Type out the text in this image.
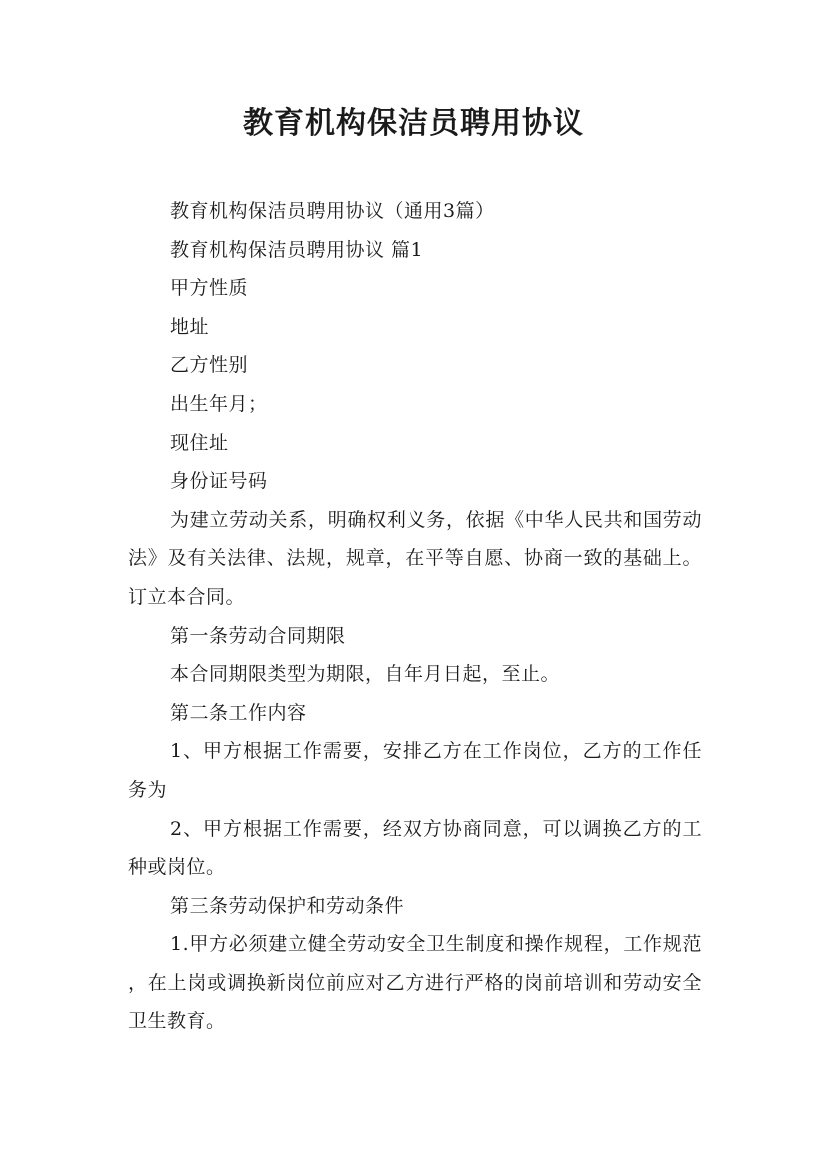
教育机构保洁员聘用协议

教育机构保洁员聘用协议（通用3篇）

教育机构保洁员聘用协议 篇1

甲方性质

地址

乙方性别

出生年月；

现住址

身份证号码

为建立劳动关系，明确权利义务，依据《中华人民共和国劳动法》及有关法律、法规，规章，在平等自愿、协商一致的基础上。订立本合同。

第一条劳动合同期限

本合同期限类型为期限，自年月日起，至止。

第二条工作内容

1、甲方根据工作需要，安排乙方在工作岗位，乙方的工作任务为

2、甲方根据工作需要，经双方协商同意，可以调换乙方的工种或岗位。

第三条劳动保护和劳动条件

1.甲方必须建立健全劳动安全卫生制度和操作规程，工作规范，在上岗或调换新岗位前应对乙方进行严格的岗前培训和劳动安全卫生教育。
